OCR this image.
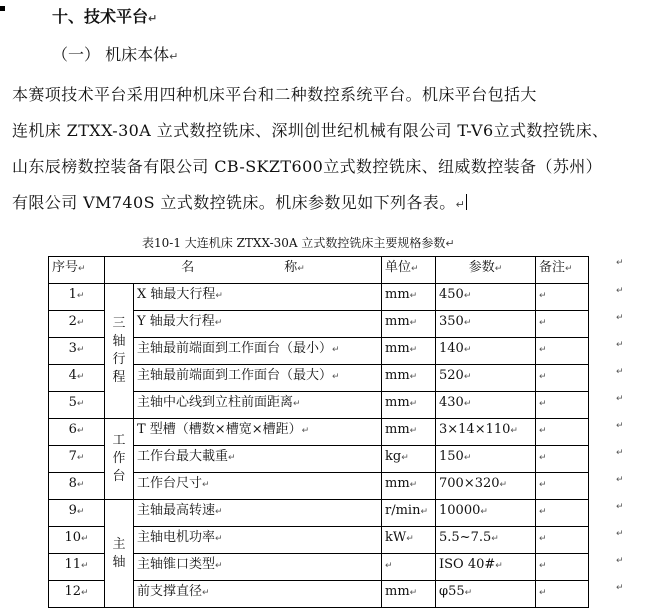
十、技术平台↵
（一） 机床本体↵
本赛项技术平台采用四种机床平台和二种数控系统平台。机床平台包括大
连机床 ZTXX-30A 立式数控铣床、深圳创世纪机械有限公司 T-V6立式数控铣床、
山东辰榜数控装备有限公司 CB-SKZT600立式数控铣床、纽威数控装备（苏州）
有限公司 VM740S 立式数控铣床。机床参数见如下列各表。↵
表10-1 大连机床 ZTXX-30A 立式数控铣床主要规格参数↵
序号↵	名 称↵		单位↵	参数↵	备注↵
1↵	三轴行程	X 轴最大行程↵	mm↵	450↵	↵
2↵		Y 轴最大行程↵	mm↵	350↵	↵
3↵		主轴最前端面到工作面台（最小）↵	mm↵	140↵	↵
4↵		主轴最前端面到工作面台（最大）↵	mm↵	520↵	↵
5↵		主轴中心线到立柱前面距离↵	mm↵	430↵	↵
6↵	工作台	T 型槽（槽数×槽宽×槽距）↵	mm↵	3×14×110↵	↵
7↵		工作台最大載重↵	kg↵	150↵	↵
8↵		工作台尺寸↵	mm↵	700×320↵	↵
9↵	主轴	主轴最高转速↵	r/min↵	10000↵	↵
10↵		主轴电机功率↵	kW↵	5.5~7.5↵	↵
11↵		主轴锥口类型↵	↵	ISO 40#↵	↵
12↵		前支撑直径↵	mm↵	φ55↵	↵
↵
↵
↵
↵
↵
↵
↵
↵
↵
↵
↵
↵
↵
